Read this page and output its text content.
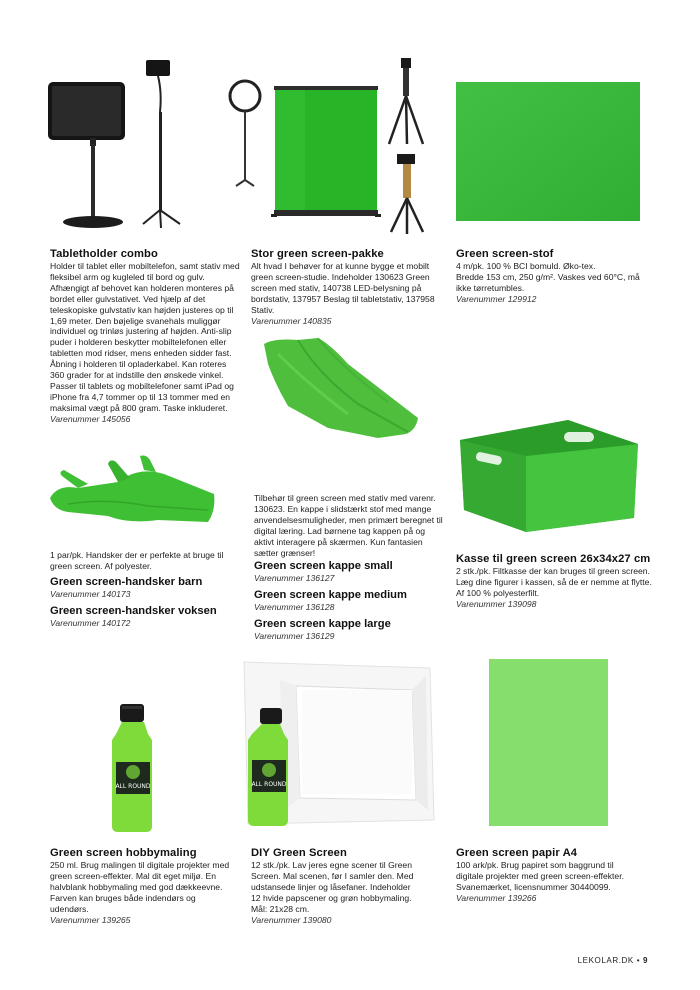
Tabletholder combo
Holder til tablet eller mobiltelefon, samt stativ med fleksibel arm og kugleled til bord og gulv. Afhængigt af behovet kan holderen monteres på bordet eller gulvstativet. Ved hjælp af det teleskopiske gulvstativ kan højden justeres op til 1,69 meter. Den bøjelige svanehals muliggør individuel og trinløs justering af højden. Anti-slip puder i holderen beskytter mobiltelefonen eller tabletten mod ridser, mens enheden sidder fast. Åbning i holderen til opladerkabel. Kan roteres 360 grader for at indstille den ønskede vinkel. Passer til tablets og mobiltelefoner samt iPad og iPhone fra 4,7 tommer op til 13 tommer med en maksimal vægt på 800 gram. Taske inkluderet.
Varenummer 145056
Stor green screen-pakke
Alt hvad I behøver for at kunne bygge et mobilt green screen-studie. Indeholder 130623 Green screen med stativ, 140738 LED-belysning på bordstativ, 137957 Beslag til tabletstativ, 137958 Stativ.
Varenummer 140835
Green screen-stof
4 m/pk. 100 % BCI bomuld. Øko-tex.
Bredde 153 cm, 250 g/m². Vaskes ved 60°C, må ikke tørretumbles.
Varenummer 129912
Tilbehør til green screen med stativ med varenr. 130623. En kappe i slidstærkt stof med mange anvendelsesmuligheder, men primært beregnet til digital læring. Lad børnene tag kappen på og aktivt interagere på skærmen. Kun fantasien sætter grænser!
Green screen kappe small
Varenummer 136127
Green screen kappe medium
Varenummer 136128
Green screen kappe large
Varenummer 136129
Kasse til green screen 26x34x27 cm
2 stk./pk. Filtkasse der kan bruges til green screen. Læg dine figurer i kassen, så de er nemme at flytte. Af 100 % polyesterfilt.
Varenummer 139098
1 par/pk. Handsker der er perfekte at bruge til green screen. Af polyester.
Green screen-handsker barn
Varenummer 140173
Green screen-handsker voksen
Varenummer 140172
ALL ROUND	ALL ROUND
Green screen hobbymaling
250 ml. Brug malingen til digitale projekter med green screen-effekter. Mal dit eget miljø. En halvblank hobbymaling med god dækkeevne. Farven kan bruges både indendørs og udendørs.
Varenummer 139265
DIY Green Screen
12 stk./pk. Lav jeres egne scener til Green Screen. Mal scenen, før I samler den. Med udstansede linjer og låsefaner. Indeholder 12 hvide papscener og grøn hobbymaling. Mål: 21x28 cm.
Varenummer 139080
Green screen papir A4
100 ark/pk. Brug papiret som baggrund til digitale projekter med green screen-effekter. Svanemærket, licensnummer 30440099.
Varenummer 139266
LEKOLAR.DK • 9
